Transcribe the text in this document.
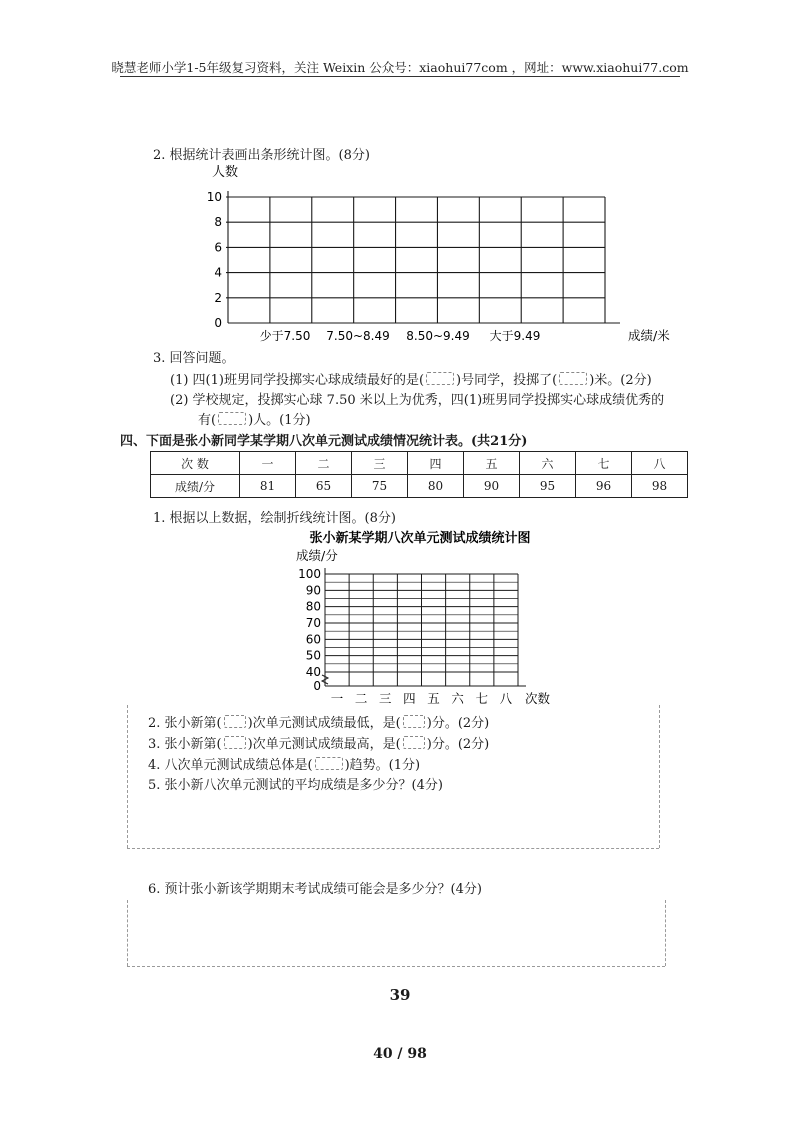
晓慧老师小学1-5年级复习资料，关注 Weixin 公众号：xiaohui77com ，网址：www.xiaohui77.com
2. 根据统计表画出条形统计图。(8分)
人数
10
8
6
4
2
0
少于7.50 7.50~8.49 8.50~9.49 大于9.49	成绩/米
3. 回答问题。
(1) 四(1)班男同学投掷实心球成绩最好的是( )号同学，投掷了( )米。(2分)
(2) 学校规定，投掷实心球 7.50 米以上为优秀，四(1)班男同学投掷实心球成绩优秀的
有( )人。(1分)
四、下面是张小新同学某学期八次单元测试成绩情况统计表。(共21分)
次 数	一	二	三	四	五	六	七	八
成绩/分	81	65	75	80	90	95	96	98
1. 根据以上数据，绘制折线统计图。(8分)
张小新某学期八次单元测试成绩统计图
成绩/分
100
90
80
70
60
50
40
0
一 二 三 四 五 六 七 八 次数
2. 张小新第( )次单元测试成绩最低，是( )分。(2分)
3. 张小新第( )次单元测试成绩最高，是( )分。(2分)
4. 八次单元测试成绩总体是( )趋势。(1分)
5. 张小新八次单元测试的平均成绩是多少分？(4分)
6. 预计张小新该学期期末考试成绩可能会是多少分？(4分)
39
40 / 98
